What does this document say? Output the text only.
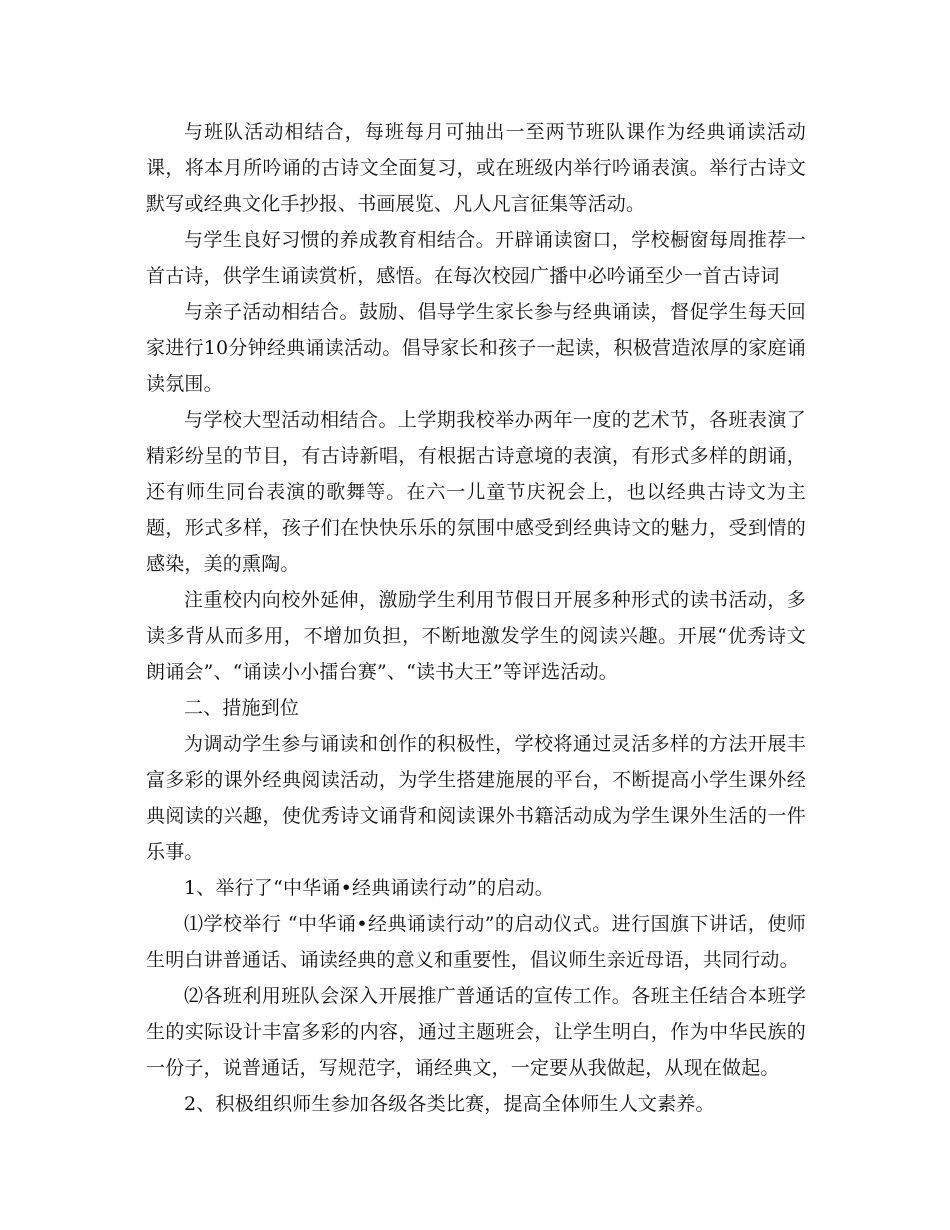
与班队活动相结合，每班每月可抽出一至两节班队课作为经典诵读活动课，将本月所吟诵的古诗文全面复习，或在班级内举行吟诵表演。举行古诗文默写或经典文化手抄报、书画展览、凡人凡言征集等活动。

与学生良好习惯的养成教育相结合。开辟诵读窗口，学校橱窗每周推荐一首古诗，供学生诵读赏析，感悟。在每次校园广播中必吟诵至少一首古诗词

与亲子活动相结合。鼓励、倡导学生家长参与经典诵读，督促学生每天回家进行10分钟经典诵读活动。倡导家长和孩子一起读，积极营造浓厚的家庭诵读氛围。

与学校大型活动相结合。上学期我校举办两年一度的艺术节，各班表演了精彩纷呈的节目，有古诗新唱，有根据古诗意境的表演，有形式多样的朗诵，还有师生同台表演的歌舞等。在六一儿童节庆祝会上，也以经典古诗文为主题，形式多样，孩子们在快快乐乐的氛围中感受到经典诗文的魅力，受到情的感染，美的熏陶。

注重校内向校外延伸，激励学生利用节假日开展多种形式的读书活动，多读多背从而多用，不增加负担，不断地激发学生的阅读兴趣。开展“优秀诗文朗诵会”、“诵读小小擂台赛”、“读书大王”等评选活动。

二、措施到位

为调动学生参与诵读和创作的积极性，学校将通过灵活多样的方法开展丰富多彩的课外经典阅读活动，为学生搭建施展的平台，不断提高小学生课外经典阅读的兴趣，使优秀诗文诵背和阅读课外书籍活动成为学生课外生活的一件乐事。

1、举行了“中华诵•经典诵读行动”的启动。

⑴学校举行 “中华诵•经典诵读行动”的启动仪式。进行国旗下讲话，使师生明白讲普通话、诵读经典的意义和重要性，倡议师生亲近母语，共同行动。

⑵各班利用班队会深入开展推广普通话的宣传工作。各班主任结合本班学生的实际设计丰富多彩的内容，通过主题班会，让学生明白，作为中华民族的一份子，说普通话，写规范字，诵经典文，一定要从我做起，从现在做起。

2、积极组织师生参加各级各类比赛，提高全体师生人文素养。
